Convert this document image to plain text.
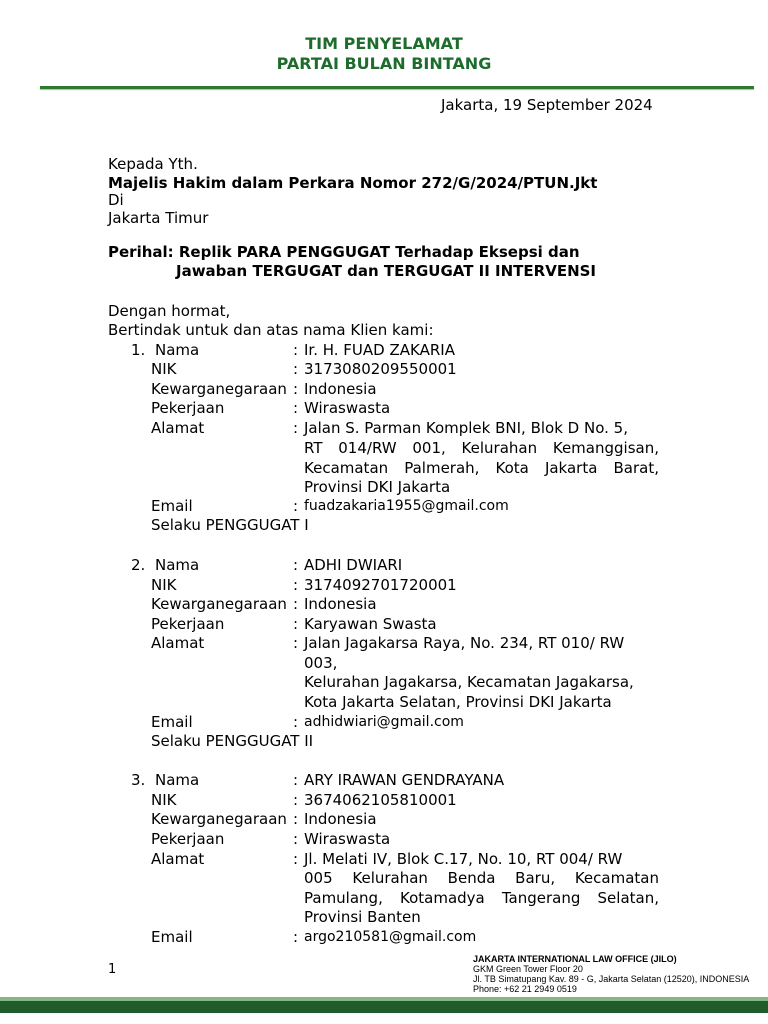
TIM PENYELAMAT
PARTAI BULAN BINTANG
Jakarta, 19 September 2024
Kepada Yth.
Majelis Hakim dalam Perkara Nomor 272/G/2024/PTUN.Jkt
Di
Jakarta Timur
Perihal: Replik PARA PENGGUGAT Terhadap Eksepsi dan
Jawaban TERGUGAT dan TERGUGAT II INTERVENSI
Dengan hormat,
Bertindak untuk dan atas nama Klien kami:
1. Nama	: Ir. H. FUAD ZAKARIA
NIK	: 3173080209550001
Kewarganegaraan : Indonesia
Pekerjaan	: Wiraswasta
Alamat	: Jalan S. Parman Komplek BNI, Blok D No. 5,
RT 014/RW 001, Kelurahan Kemanggisan, Kecamatan Palmerah, Kota Jakarta Barat, Provinsi DKI Jakarta
Email	: fuadzakaria1955@gmail.com
Selaku PENGGUGAT I
2. Nama	: ADHI DWIARI
NIK	: 3174092701720001
Kewarganegaraan : Indonesia
Pekerjaan	: Karyawan Swasta
Alamat	: Jalan Jagakarsa Raya, No. 234, RT 010/ RW
003,
Kelurahan Jagakarsa, Kecamatan Jagakarsa,
Kota Jakarta Selatan, Provinsi DKI Jakarta
Email	: adhidwiari@gmail.com
Selaku PENGGUGAT II
3. Nama	: ARY IRAWAN GENDRAYANA
NIK	: 3674062105810001
Kewarganegaraan : Indonesia
Pekerjaan	: Wiraswasta
Alamat	: Jl. Melati IV, Blok C.17, No. 10, RT 004/ RW
005 Kelurahan Benda Baru, Kecamatan Pamulang, Kotamadya Tangerang Selatan, Provinsi Banten
Email	: argo210581@gmail.com
1
JAKARTA INTERNATIONAL LAW OFFICE (JILO)
GKM Green Tower Floor 20
Jl. TB Simatupang Kav. 89 - G, Jakarta Selatan (12520), INDONESIA
Phone: +62 21 2949 0519
